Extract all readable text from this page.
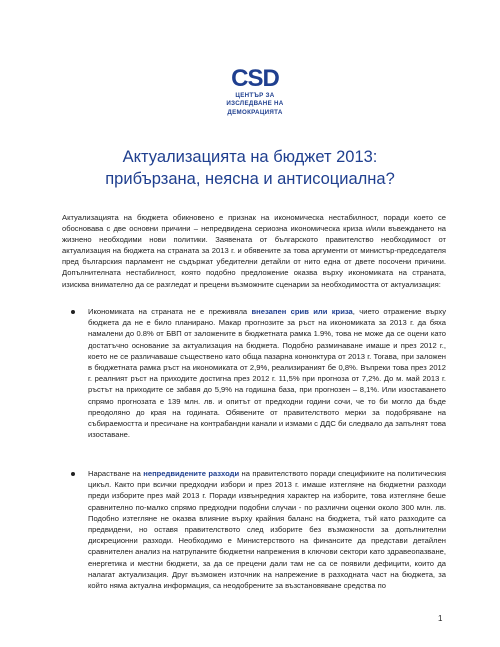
CSD
ЦЕНТЪР ЗА
ИЗСЛЕДВАНЕ НА
ДЕМОКРАЦИЯТА
Актуализацията на бюджет 2013:
прибързана, неясна и антисоциална?
Актуализацията на бюджета обикновено е признак на икономическа нестабилност, поради което се обосновава с две основни причини – непредвидена сериозна икономическа криза и/или въвеждането на жизнено необходими нови политики. Заявената от българското правителство необходимост от актуализация на бюджета на страната за 2013 г. и обявените за това аргументи от министър-председателя пред българския парламент не съдържат убедителни детайли от нито една от двете посочени причини. Допълнителната нестабилност, която подобно предложение оказва върху икономиката на страната, изисква внимателно да се разгледат и прецени възможните сценарии за необходимостта от актуализация:
Икономиката на страната не е преживяла внезапен срив или криза, чието отражение върху бюджета да не е било планирано. Макар прогнозите за ръст на икономиката за 2013 г. да бяха намалени до 0.8% от БВП от заложените в бюджетната рамка 1.9%, това не може да се оцени като достатъчно основание за актуализация на бюджета. Подобно разминаване имаше и през 2012 г., което не се различаваше съществено като обща пазарна конюнктура от 2013 г. Тогава, при заложен в бюджетната рамка ръст на икономиката от 2,9%, реализираният бе 0,8%. Въпреки това през 2012 г. реалният ръст на приходите достигна през 2012 г. 11,5% при прогноза от 7,2%. До м. май 2013 г. ръстът на приходите се забавя до 5,9% на годишна база, при прогнозен – 8,1%. Или изоставането спрямо прогнозата е 139 млн. лв. и опитът от предходни години сочи, че то би могло да бъде преодоляно до края на годината. Обявените от правителството мерки за подобряване на събираемостта и пресичане на контрабандни канали и измами с ДДС би следвало да запълнят това изоставане.
Нарастване на непредвидените разходи на правителството поради спецификите на политическия цикъл. Както при всички предходни избори и през 2013 г. имаше изтегляне на бюджетни разходи преди изборите през май 2013 г. Поради извънредния характер на изборите, това изтегляне беше сравнително по-малко спрямо предходни подобни случаи - по различни оценки около 300 млн. лв. Подобно изтегляне не оказва влияние върху крайния баланс на бюджета, тъй като разходите са предвидени, но оставя правителството след изборите без възможности за допълнителни дискреционни разходи. Необходимо е Министерството на финансите да представи детайлен сравнителен анализ на натрупаните бюджетни напрежения в ключови сектори като здравеопазване, енергетика и местни бюджети, за да се прецени дали там не са се появили дефицити, които да налагат актуализация. Друг възможен източник на напрежение в разходната част на бюджета, за който няма актуална информация, са неодобрените за възстановяване средства по
1
